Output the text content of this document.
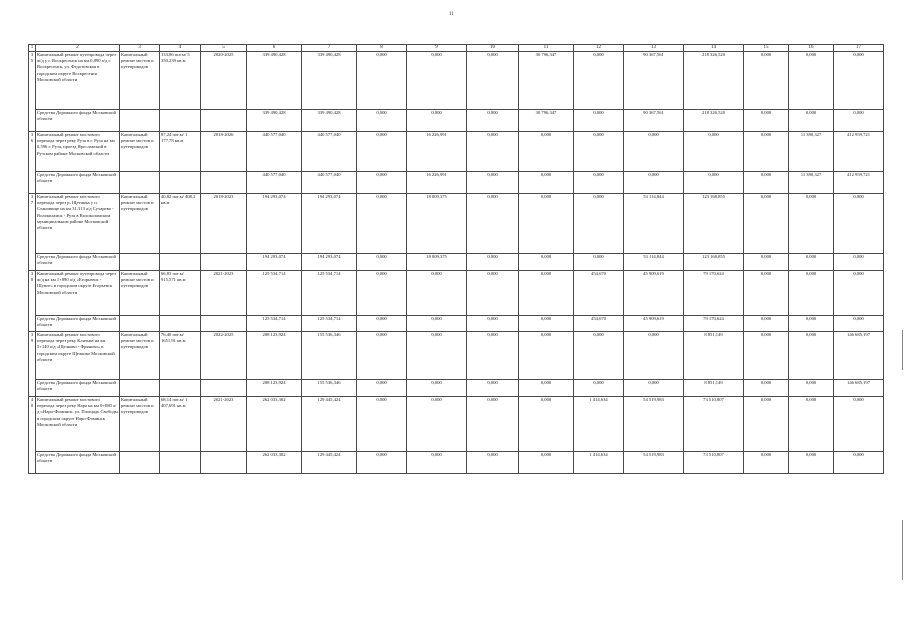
11
1	2	3	4	5	6	7	8	9	10	11	12	13	14	15	16	17
35	Капитальный ремонт путепровода через ж/д у г. Воскресенск на км 0,890 а/д г. Воскресенск, ул. Федотовская в городском округе Воскресенск Московской области	Капитальный ремонт мостов и путепроводов	133,86 пог.м/ 5 350,239 кв.м	2020-2025	339 490,428	339 490,428	0,000	0,000	0,000	30 796,347	0,000	90 367,561	218 326,520	0,000	0,000	0,000
	Средства Дорожного фонда Московской области				339 490,428	339 490,428	0,000	0,000	0,000	30 796,347	0,000	90 367,561	218 326,520	0,000	0,000	0,000
36	Капитальный ремонт мостового перехода через реку Руза в г. Руза на км 0,596 г. Руза, проезд Ярославский в Рузском районе Московской области	Капитальный ремонт мостов и путепроводов	87,24 пог.м/ 1 177,78 кв.м	2018-2026	440 577,040	440 577,040	0,000	16 226,991	0,000	0,000	0,000	0,000	0,000	0,000	11 390,327	412 959,721
	Средства Дорожного фонда Московской области				440 577,040	440 577,040	0,000	16 226,991	0,000	0,000	0,000	0,000	0,000	0,000	11 390,327	412 959,721
37	Капитальный ремонт мостового перехода через р. Щетинка у п. Становище на км 31,313 а/д Сухарево - Волоколамск - Руза в Волоколамском муниципальном районе Московской области	Капитальный ремонт мостов и путепроводов	40,82 пог.м/ 408,2 кв.м	2018-2023	194 293,074	194 293,074	0,000	18 009,375	0,000	0,000	0,000	53 114,844	123 168,855	0,000	0,000	0,000
	Средства Дорожного фонда Московской области				194 293,074	194 293,074	0,000	18 009,375	0,000	0,000	0,000	53 114,844	123 168,855	0,000	0,000	0,000
38	Капитальный ремонт путепровода через ж/д на км 1+890 а/д «Егорьевск - Шувое» в городском округе Егорьевск Московской области	Капитальный ремонт мостов и путепроводов	66,83 пог.м/ 915,571 кв.м	2021-2023	125 534,714	125 534,714	0,000	0,000	0,000	0,000	454,670	45 909,619	79 170,624	0,000	0,000	0,000
	Средства Дорожного фонда Московской области				125 534,714	125 534,714	0,000	0,000	0,000	0,000	454,670	45 909,619	79 170,624	0,000	0,000	0,000
39	Капитальный ремонт мостового перехода через реку Клязьма на км 5+140 а/д «Щелково - Фряново» в городском округе Щелково Московской области	Капитальный ремонт мостов и путепроводов	76,40 пог.м/ 1651,91 кв.м	2022-2025	288 123,924	155 536,346	0,000	0,000	0,000	0,000	0,000	0,000	8 851,149	0,000	0,000	146 685,197
	Средства Дорожного фонда Московской области				288 123,924	155 536,346	0,000	0,000	0,000	0,000	0,000	0,000	8 851,149	0,000	0,000	146 685,197
40	Капитальный ремонт мостового перехода через реку Нара на км 0+080 а/д г.Наро-Фоминск, ул. Площадь Свободы в городском округе Наро-Фоминск Московской области	Капитальный ремонт мостов и путепроводов	68,14 пог.м/ 1 407,691 кв.м	2021-2023	262 033,302	129 445,424	0,000	0,000	0,000	0,000	1 414,634	54 519,983	73 510,807	0,000	0,000	0,000
	Средства Дорожного фонда Московской области				262 033,302	129 445,424	0,000	0,000	0,000	0,000	1 414,634	54 519,983	73 510,807	0,000	0,000	0,000
